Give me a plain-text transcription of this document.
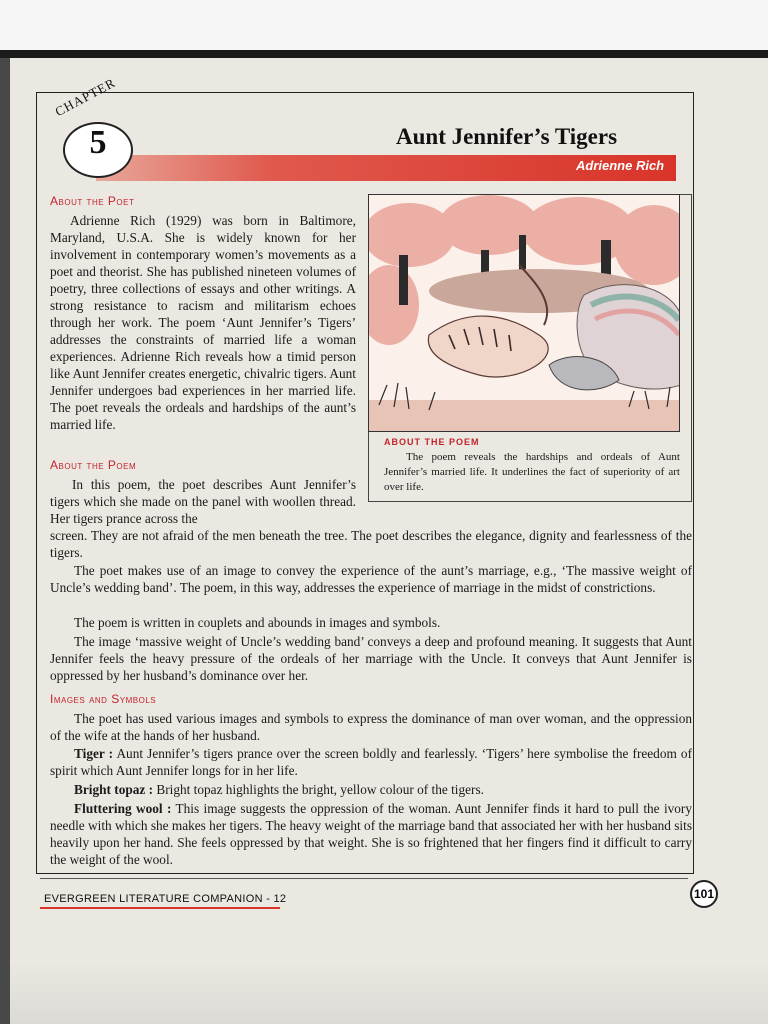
CHAPTER
5	Aunt Jennifer’s Tigers
Adrienne Rich
About the Poet
Adrienne Rich (1929) was born in Baltimore, Maryland, U.S.A. She is widely known for her involvement in contemporary women’s movements as a poet and theorist. She has published nineteen volumes of poetry, three collections of essays and other writings. A strong resistance to racism and militarism echoes through her work. The poem ‘Aunt Jennifer’s Tigers’ addresses the constraints of married life a woman experiences. Adrienne Rich reveals how a timid person like Aunt Jennifer creates energetic, chivalric tigers. Aunt Jennifer undergoes bad experiences in her married life. The poet reveals the ordeals and hardships of the aunt’s married life.
ABOUT THE POEM
The poem reveals the hardships and ordeals of Aunt Jennifer’s married life. It underlines the fact of superiority of art over life.
About the Poem
In this poem, the poet describes Aunt Jennifer’s tigers which she made on the panel with woollen thread. Her tigers prance across the
screen. They are not afraid of the men beneath the tree. The poet describes the elegance, dignity and fearlessness of the tigers.
The poet makes use of an image to convey the experience of the aunt’s marriage, e.g., ‘The massive weight of Uncle’s wedding band’. The poem, in this way, addresses the experience of marriage in the midst of constrictions.
The poem is written in couplets and abounds in images and symbols.
The image ‘massive weight of Uncle’s wedding band’ conveys a deep and profound meaning. It suggests that Aunt Jennifer feels the heavy pressure of the ordeals of her marriage with the Uncle. It conveys that Aunt Jennifer is oppressed by her husband’s dominance over her.
Images and Symbols
The poet has used various images and symbols to express the dominance of man over woman, and the oppression of the wife at the hands of her husband.
Tiger : Aunt Jennifer’s tigers prance over the screen boldly and fearlessly. ‘Tigers’ here symbolise the freedom of spirit which Aunt Jennifer longs for in her life.
Bright topaz : Bright topaz highlights the bright, yellow colour of the tigers.
Fluttering wool : This image suggests the oppression of the woman. Aunt Jennifer finds it hard to pull the ivory needle with which she makes her tigers. The heavy weight of the marriage band that associated her with her husband sits heavily upon her hand. She feels oppressed by that weight. She is so frightened that her fingers find it difficult to carry the weight of the wool.
EVERGREEN LITERATURE COMPANION - 12	101
